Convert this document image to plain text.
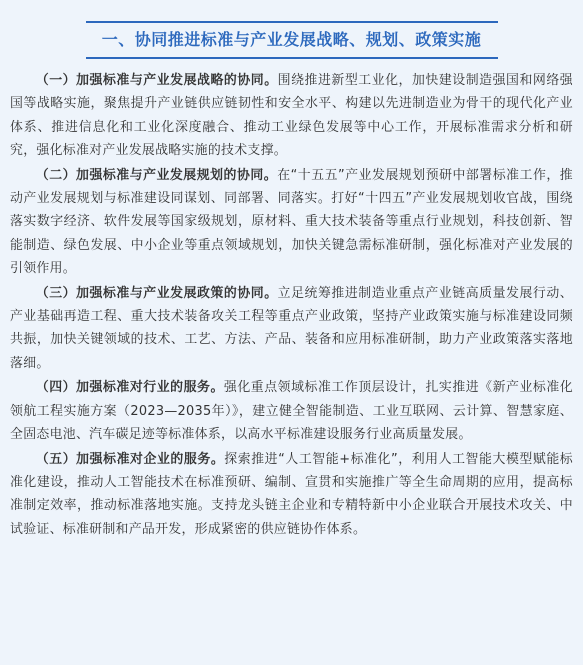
一、协同推进标准与产业发展战略、规划、政策实施

（一）加强标准与产业发展战略的协同。围绕推进新型工业化，加快建设制造强国和网络强国等战略实施，聚焦提升产业链供应链韧性和安全水平、构建以先进制造业为骨干的现代化产业体系、推进信息化和工业化深度融合、推动工业绿色发展等中心工作，开展标准需求分析和研究，强化标准对产业发展战略实施的技术支撑。

（二）加强标准与产业发展规划的协同。在“十五五”产业发展规划预研中部署标准工作，推动产业发展规划与标准建设同谋划、同部署、同落实。打好“十四五”产业发展规划收官战，围绕落实数字经济、软件发展等国家级规划，原材料、重大技术装备等重点行业规划，科技创新、智能制造、绿色发展、中小企业等重点领域规划，加快关键急需标准研制，强化标准对产业发展的引领作用。

（三）加强标准与产业发展政策的协同。立足统筹推进制造业重点产业链高质量发展行动、产业基础再造工程、重大技术装备攻关工程等重点产业政策，坚持产业政策实施与标准建设同频共振，加快关键领域的技术、工艺、方法、产品、装备和应用标准研制，助力产业政策落实落地落细。

（四）加强标准对行业的服务。强化重点领域标准工作顶层设计，扎实推进《新产业标准化领航工程实施方案（2023—2035年）》，建立健全智能制造、工业互联网、云计算、智慧家庭、全固态电池、汽车碳足迹等标准体系，以高水平标准建设服务行业高质量发展。

（五）加强标准对企业的服务。探索推进“人工智能+标准化”，利用人工智能大模型赋能标准化建设，推动人工智能技术在标准预研、编制、宣贯和实施推广等全生命周期的应用，提高标准制定效率，推动标准落地实施。支持龙头链主企业和专精特新中小企业联合开展技术攻关、中试验证、标准研制和产品开发，形成紧密的供应链协作体系。
